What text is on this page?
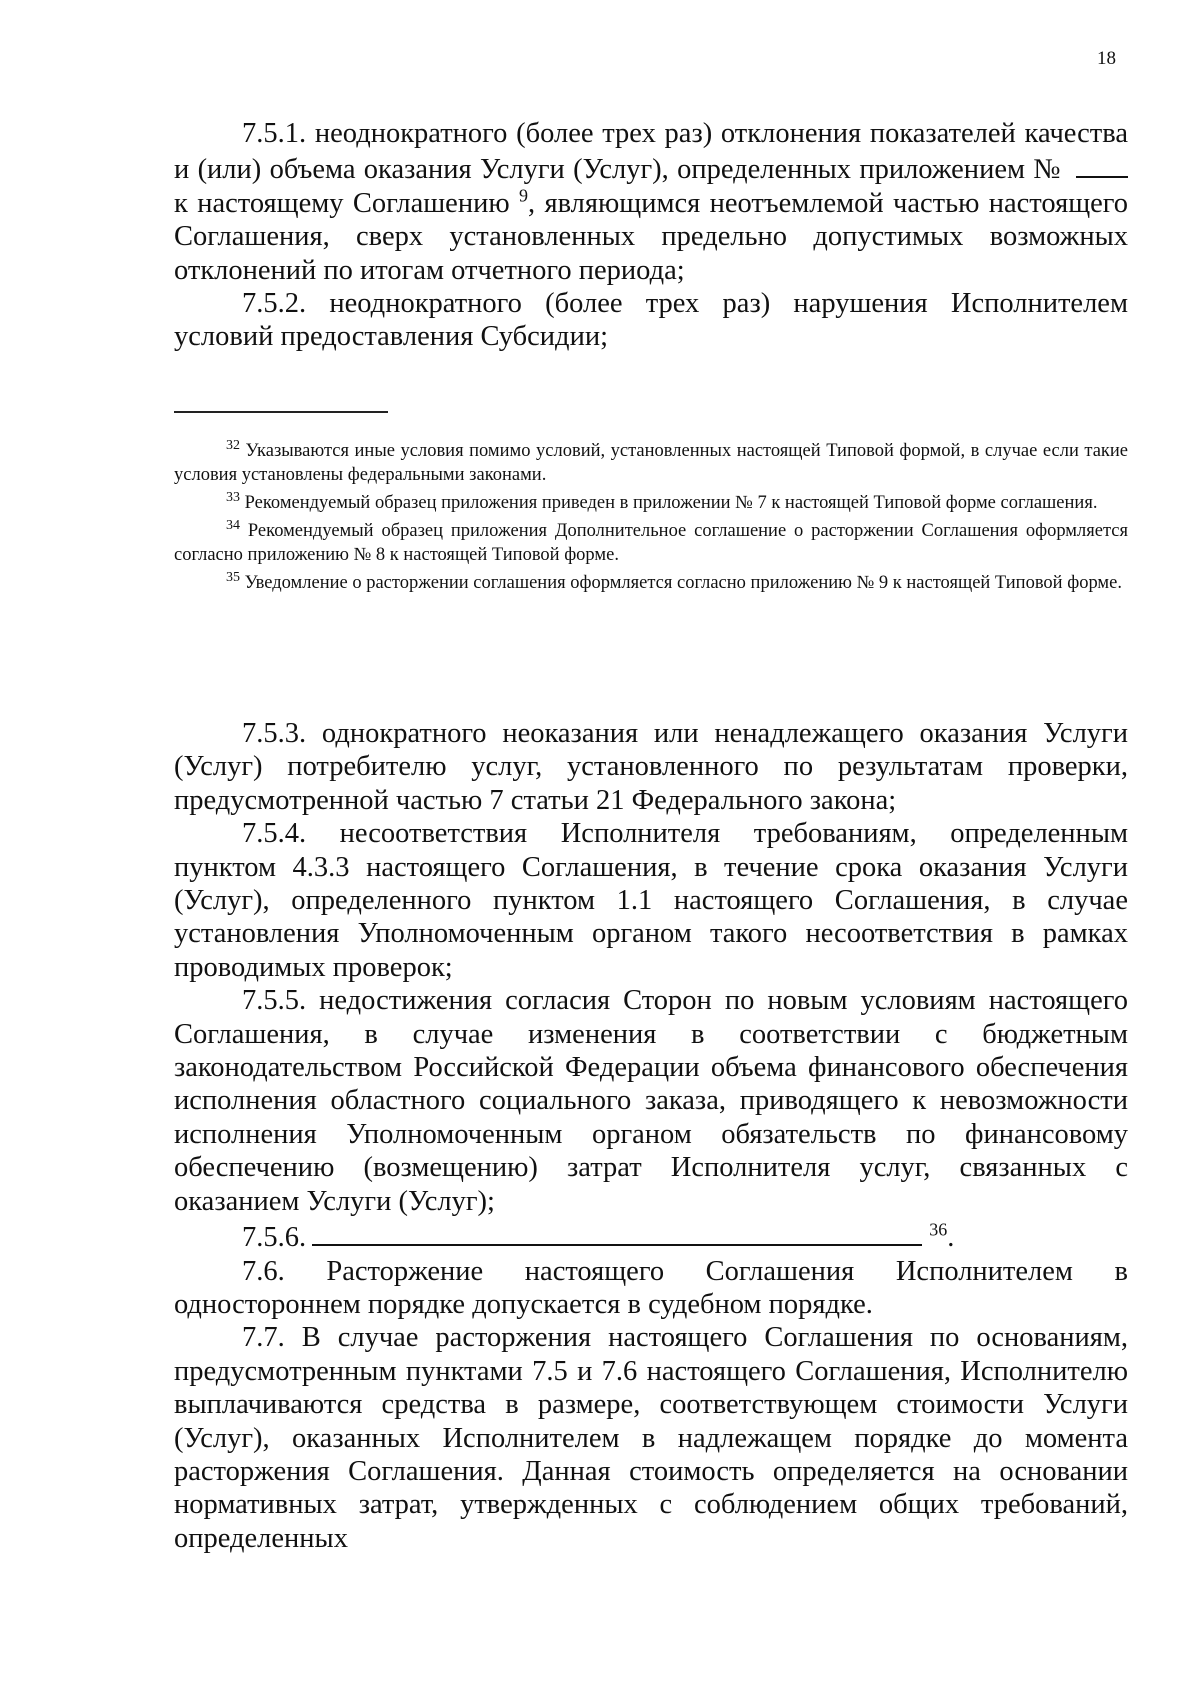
18

7.5.1. неоднократного (более трех раз) отклонения показателей качества и (или) объема оказания Услуги (Услуг), определенных приложением №  к настоящему Соглашению $^9$, являющимся неотъемлемой частью настоящего Соглашения, сверх установленных предельно допустимых возможных отклонений по итогам отчетного периода;

7.5.2. неоднократного (более трех раз) нарушения Исполнителем условий предоставления Субсидии;

$^{32}$ Указываются иные условия помимо условий, установленных настоящей Типовой формой, в случае если такие условия установлены федеральными законами.

$^{33}$ Рекомендуемый образец приложения приведен в приложении № 7 к настоящей Типовой форме соглашения.

$^{34}$ Рекомендуемый образец приложения Дополнительное соглашение о расторжении Соглашения оформляется согласно приложению № 8 к настоящей Типовой форме.

$^{35}$ Уведомление о расторжении соглашения оформляется согласно приложению № 9 к настоящей Типовой форме.

7.5.3. однократного неоказания или ненадлежащего оказания Услуги (Услуг) потребителю услуг, установленного по результатам проверки, предусмотренной частью 7 статьи 21 Федерального закона;

7.5.4. несоответствия Исполнителя требованиям, определенным пунктом 4.3.3 настоящего Соглашения, в течение срока оказания Услуги (Услуг), определенного пунктом 1.1 настоящего Соглашения, в случае установления Уполномоченным органом такого несоответствия в рамках проводимых проверок;

7.5.5. недостижения согласия Сторон по новым условиям настоящего Соглашения, в случае изменения в соответствии с бюджетным законодательством Российской Федерации объема финансового обеспечения исполнения областного социального заказа, приводящего к невозможности исполнения Уполномоченным органом обязательств по финансовому обеспечению (возмещению) затрат Исполнителя услуг, связанных с оказанием Услуги (Услуг);

7.5.6.	$^{36}$.

7.6. Расторжение настоящего Соглашения Исполнителем в одностороннем порядке допускается в судебном порядке.

7.7. В случае расторжения настоящего Соглашения по основаниям, предусмотренным пунктами 7.5 и 7.6 настоящего Соглашения, Исполнителю выплачиваются средства в размере, соответствующем стоимости Услуги (Услуг), оказанных Исполнителем в надлежащем порядке до момента расторжения Соглашения. Данная стоимость определяется на основании нормативных затрат, утвержденных с соблюдением общих требований, определенных
